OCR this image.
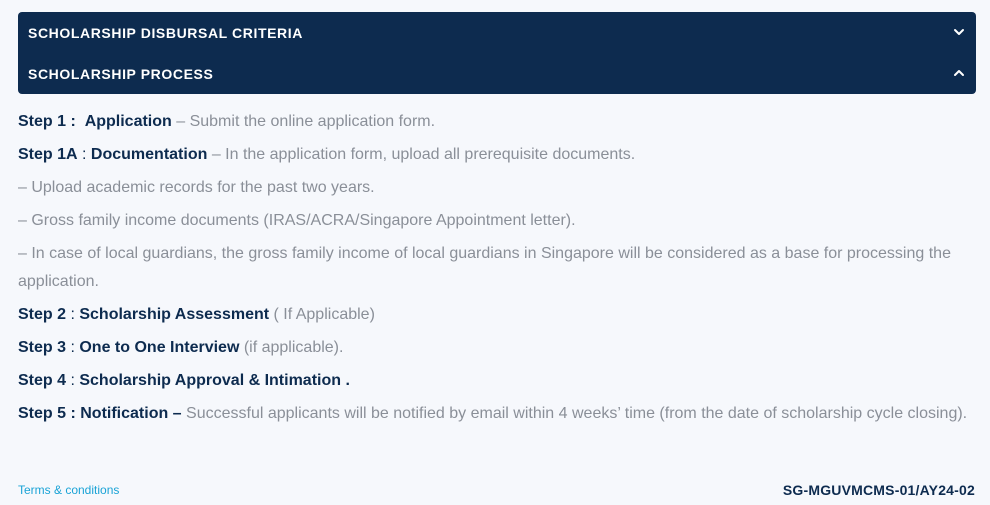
SCHOLARSHIP DISBURSAL CRITERIA
SCHOLARSHIP PROCESS

Step 1 : Application – Submit the online application form.

Step 1A : Documentation – In the application form, upload all prerequisite documents.

– Upload academic records for the past two years.

– Gross family income documents (IRAS/ACRA/Singapore Appointment letter).

– In case of local guardians, the gross family income of local guardians in Singapore will be considered as a base for processing the application.

Step 2 : Scholarship Assessment ( If Applicable)

Step 3 : One to One Interview (if applicable).

Step 4 : Scholarship Approval & Intimation .

Step 5 : Notification – Successful applicants will be notified by email within 4 weeks’ time (from the date of scholarship cycle closing).

Terms & conditions	SG-MGUVMCMS-01/AY24-02
